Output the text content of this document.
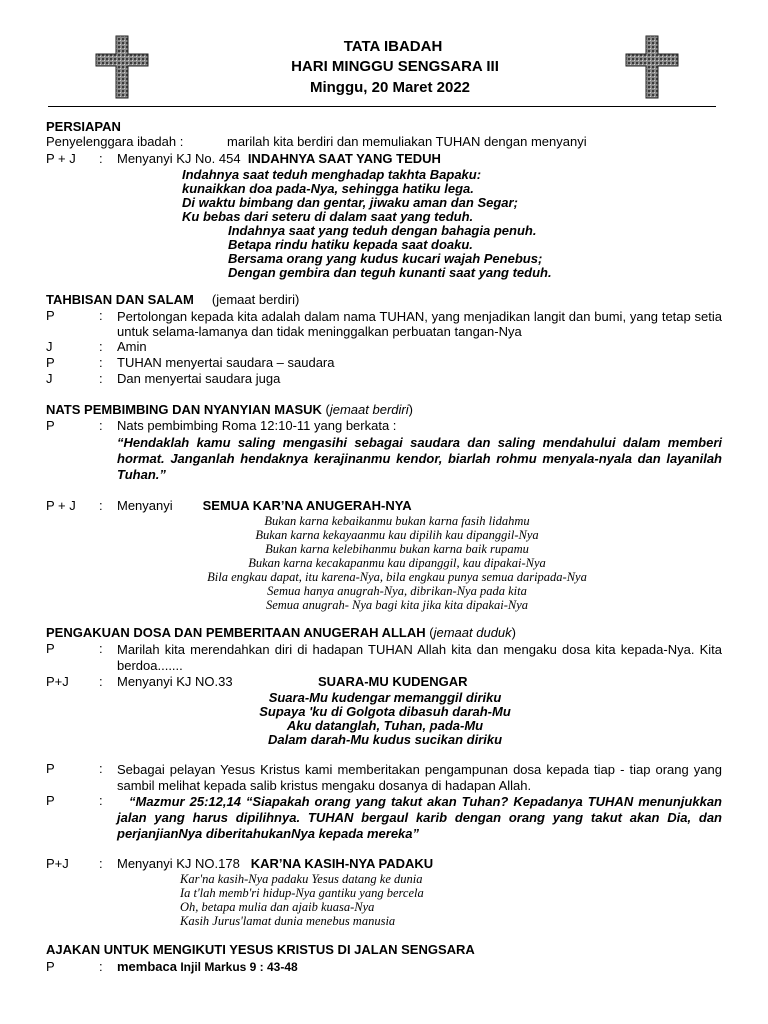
TATA IBADAH
HARI MINGGU SENGSARA III
Minggu, 20 Maret 2022
PERSIAPAN
Penyelenggara ibadah :	marilah kita berdiri dan memuliakan TUHAN dengan menyanyi
P + J : Menyanyi KJ No. 454 INDAHNYA SAAT YANG TEDUH
Indahnya saat teduh menghadap takhta Bapaku:
kunaikkan doa pada-Nya, sehingga hatiku lega.
Di waktu bimbang dan gentar, jiwaku aman dan Segar;
Ku bebas dari seteru di dalam saat yang teduh.
Indahnya saat yang teduh dengan bahagia penuh.
Betapa rindu hatiku kepada saat doaku.
Bersama orang yang kudus kucari wajah Penebus;
Dengan gembira dan teguh kunanti saat yang teduh.
TAHBISAN DAN SALAM (jemaat berdiri)
P	: Pertolongan kepada kita adalah dalam nama TUHAN, yang menjadikan langit dan bumi, yang tetap setia untuk selama-lamanya dan tidak meninggalkan perbuatan tangan-Nya
J	: Amin
P	: TUHAN menyertai saudara – saudara
J	: Dan menyertai saudara juga
NATS PEMBIMBING DAN NYANYIAN MASUK (jemaat berdiri)
P	: Nats pembimbing Roma 12:10-11 yang berkata :
“Hendaklah kamu saling mengasihi sebagai saudara dan saling mendahului dalam memberi hormat. Janganlah hendaknya kerajinanmu kendor, biarlah rohmu menyala-nyala dan layanilah Tuhan.”
P + J : Menyanyi SEMUA KAR’NA ANUGERAH-NYA
Bukan karna kebaikanmu bukan karna fasih lidahmu
Bukan karna kekayaanmu kau dipilih kau dipanggil-Nya
Bukan karna kelebihanmu bukan karna baik rupamu
Bukan karna kecakapanmu kau dipanggil, kau dipakai-Nya
Bila engkau dapat, itu karena-Nya, bila engkau punya semua daripada-Nya
Semua hanya anugrah-Nya, dibrikan-Nya pada kita
Semua anugrah- Nya bagi kita jika kita dipakai-Nya
PENGAKUAN DOSA DAN PEMBERITAAN ANUGERAH ALLAH (jemaat duduk)
P	: Marilah kita merendahkan diri di hadapan TUHAN Allah kita dan mengaku dosa kita kepada-Nya. Kita berdoa.......
P+J : Menyanyi KJ NO.33	SUARA-MU KUDENGAR
Suara-Mu kudengar memanggil diriku
Supaya 'ku di Golgota dibasuh darah-Mu
Aku datanglah, Tuhan, pada-Mu
Dalam darah-Mu kudus sucikan diriku
P	: Sebagai pelayan Yesus Kristus kami memberitakan pengampunan dosa kepada tiap - tiap orang yang sambil melihat kepada salib kristus mengaku dosanya di hadapan Allah.
P	:	“Mazmur 25:12,14 “Siapakah orang yang takut akan Tuhan? Kepadanya TUHAN menunjukkan jalan yang harus dipilihnya. TUHAN bergaul karib dengan orang yang takut akan Dia, dan perjanjianNya diberitahukanNya kepada mereka”
P+J : Menyanyi KJ NO.178 KAR’NA KASIH-NYA PADAKU
Kar'na kasih-Nya padaku Yesus datang ke dunia
Ia t'lah memb'ri hidup-Nya gantiku yang bercela
Oh, betapa mulia dan ajaib kuasa-Nya
Kasih Jurus'lamat dunia menebus manusia
AJAKAN UNTUK MENGIKUTI YESUS KRISTUS DI JALAN SENGSARA
P	: membaca Injil Markus 9 : 43-48
